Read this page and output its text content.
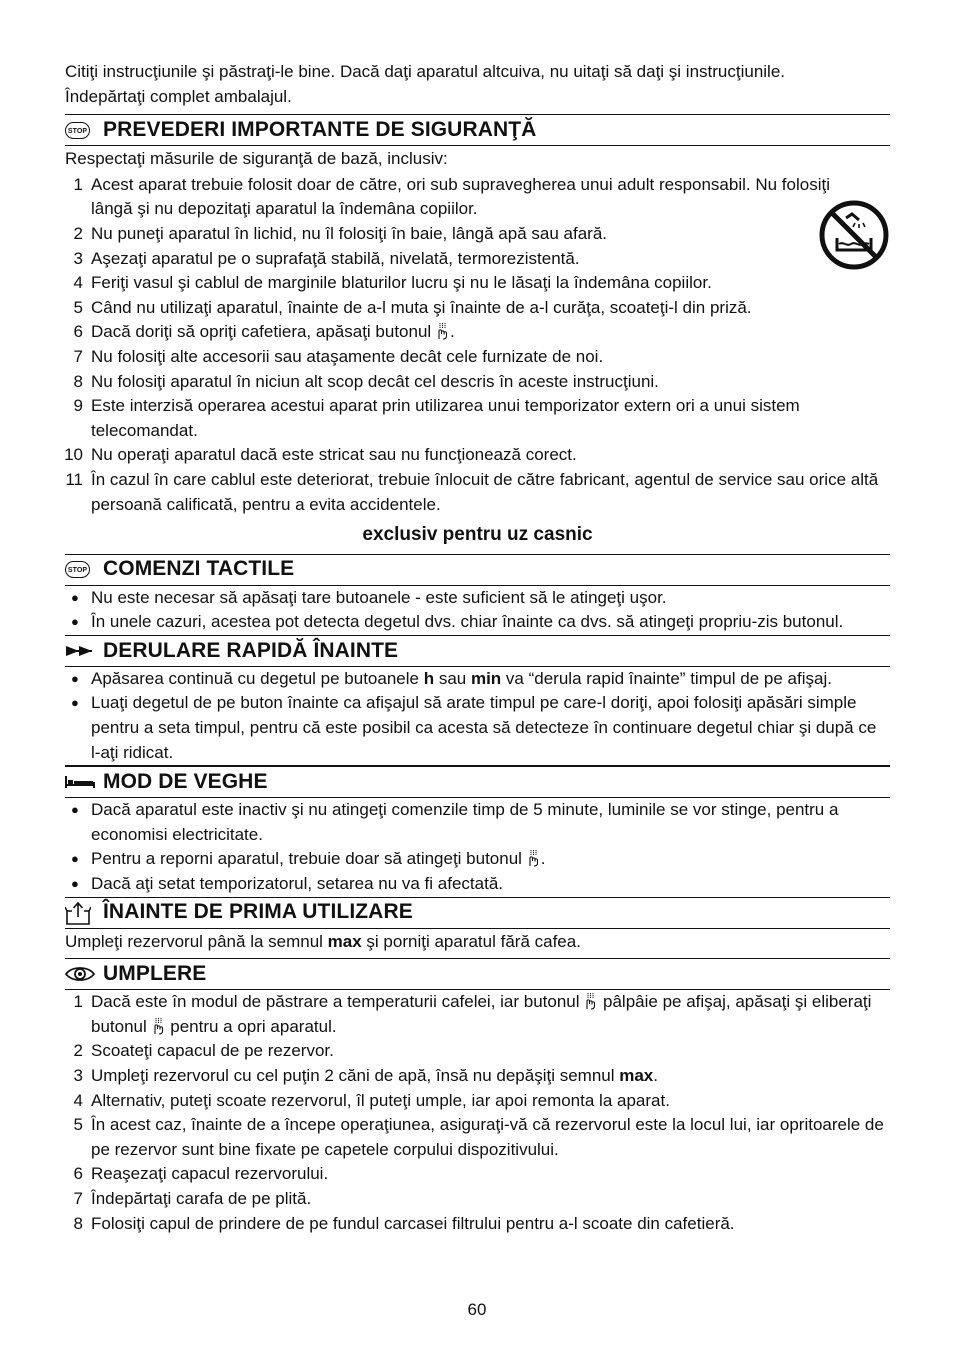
Citiţi instrucţiunile şi păstraţi-le bine. Dacă daţi aparatul altcuiva, nu uitaţi să daţi şi instrucţiunile.

Îndepărtaţi complet ambalajul.

STOP PREVEDERI IMPORTANTE DE SIGURANŢĂ

Respectaţi măsurile de siguranţă de bază, inclusiv:

1 Acest aparat trebuie folosit doar de către, ori sub supravegherea unui adult responsabil. Nu folosiţi lângă şi nu depozitaţi aparatul la îndemâna copiilor.
2 Nu puneţi aparatul în lichid, nu îl folosiţi în baie, lângă apă sau afară.
3 Aşezaţi aparatul pe o suprafaţă stabilă, nivelată, termorezistentă.
4 Feriţi vasul şi cablul de marginile blaturilor lucru şi nu le lăsaţi la îndemâna copiilor.
5 Când nu utilizaţi aparatul, înainte de a-l muta şi înainte de a-l curăţa, scoateţi-l din priză.
6 Dacă doriţi să opriţi cafetiera, apăsaţi butonul .
7 Nu folosiţi alte accesorii sau ataşamente decât cele furnizate de noi.
8 Nu folosiţi aparatul în niciun alt scop decât cel descris în aceste instrucţiuni.
9 Este interzisă operarea acestui aparat prin utilizarea unui temporizator extern ori a unui sistem telecomandat.
10 Nu operaţi aparatul dacă este stricat sau nu funcţionează corect.
11 În cazul în care cablul este deteriorat, trebuie înlocuit de către fabricant, agentul de service sau orice altă persoană calificată, pentru a evita accidentele.

exclusiv pentru uz casnic

STOP COMENZI TACTILE
● Nu este necesar să apăsaţi tare butoanele - este suficient să le atingeţi uşor.
● În unele cazuri, acestea pot detecta degetul dvs. chiar înainte ca dvs. să atingeţi propriu-zis butonul.
DERULARE RAPIDĂ ÎNAINTE
● Apăsarea continuă cu degetul pe butoanele h sau min va “derula rapid înainte” timpul de pe afişaj.
● Luaţi degetul de pe buton înainte ca afişajul să arate timpul pe care-l doriţi, apoi folosiţi apăsări simple pentru a seta timpul, pentru că este posibil ca acesta să detecteze în continuare degetul chiar şi după ce l-aţi ridicat.
MOD DE VEGHE
● Dacă aparatul este inactiv şi nu atingeţi comenzile timp de 5 minute, luminile se vor stinge, pentru a economisi electricitate.
● Pentru a reporni aparatul, trebuie doar să atingeţi butonul .
● Dacă aţi setat temporizatorul, setarea nu va fi afectată.
ÎNAINTE DE PRIMA UTILIZARE

Umpleţi rezervorul până la semnul max şi porniţi aparatul fără cafea.

UMPLERE
1 Dacă este în modul de păstrare a temperaturii cafelei, iar butonul pâlpâie pe afişaj, apăsaţi şi eliberaţi butonul pentru a opri aparatul.
2 Scoateţi capacul de pe rezervor.
3 Umpleţi rezervorul cu cel puţin 2 căni de apă, însă nu depăşiţi semnul max.
4 Alternativ, puteţi scoate rezervorul, îl puteţi umple, iar apoi remonta la aparat.
5 În acest caz, înainte de a începe operaţiunea, asiguraţi-vă că rezervorul este la locul lui, iar opritoarele de pe rezervor sunt bine fixate pe capetele corpului dispozitivului.
6 Reaşezaţi capacul rezervorului.
7 Îndepărtaţi carafa de pe plită.
8 Folosiţi capul de prindere de pe fundul carcasei filtrului pentru a-l scoate din cafetieră.
60
